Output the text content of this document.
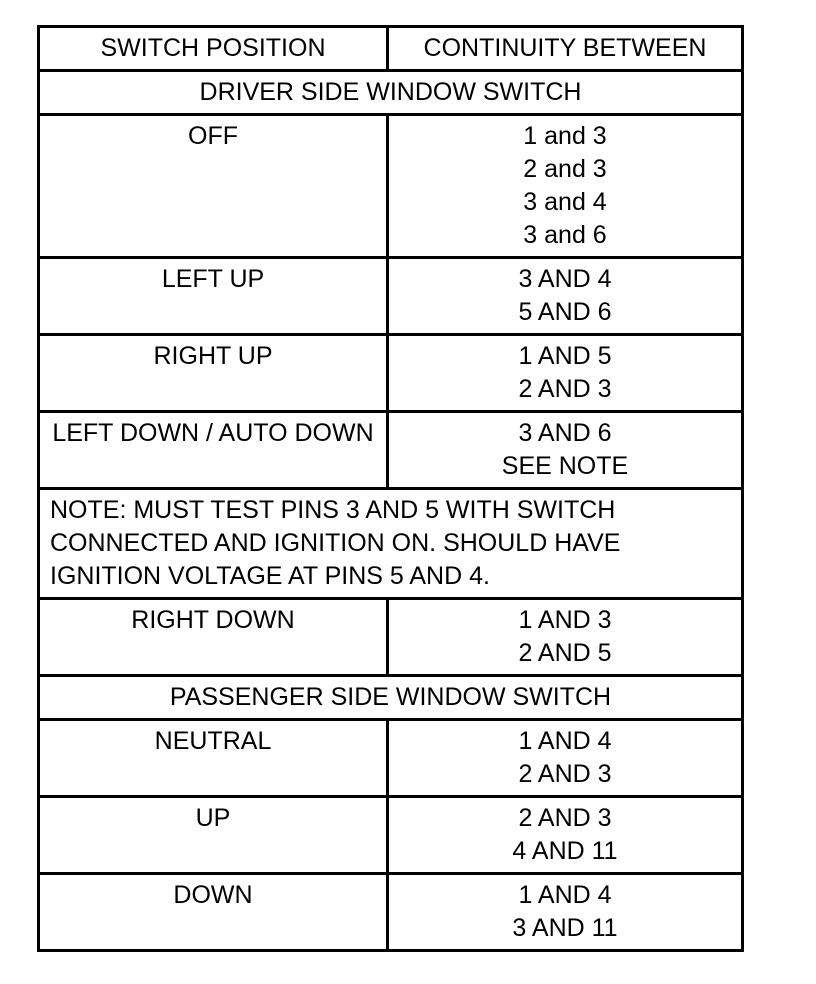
SWITCH POSITION	CONTINUITY BETWEEN
DRIVER SIDE WINDOW SWITCH	
OFF	1 and 3
2 and 3
3 and 4
3 and 6

LEFT UP	3 AND 4
5 AND 6

RIGHT UP	1 AND 5
2 AND 3

LEFT DOWN / AUTO DOWN	3 AND 6
SEE NOTE

NOTE: MUST TEST PINS 3 AND 5 WITH SWITCH CONNECTED AND IGNITION ON. SHOULD HAVE IGNITION VOLTAGE AT PINS 5 AND 4.	
RIGHT DOWN	1 AND 3
2 AND 5

PASSENGER SIDE WINDOW SWITCH	
NEUTRAL	1 AND 4
2 AND 3

UP	2 AND 3
4 AND 11

DOWN	1 AND 4
3 AND 11
